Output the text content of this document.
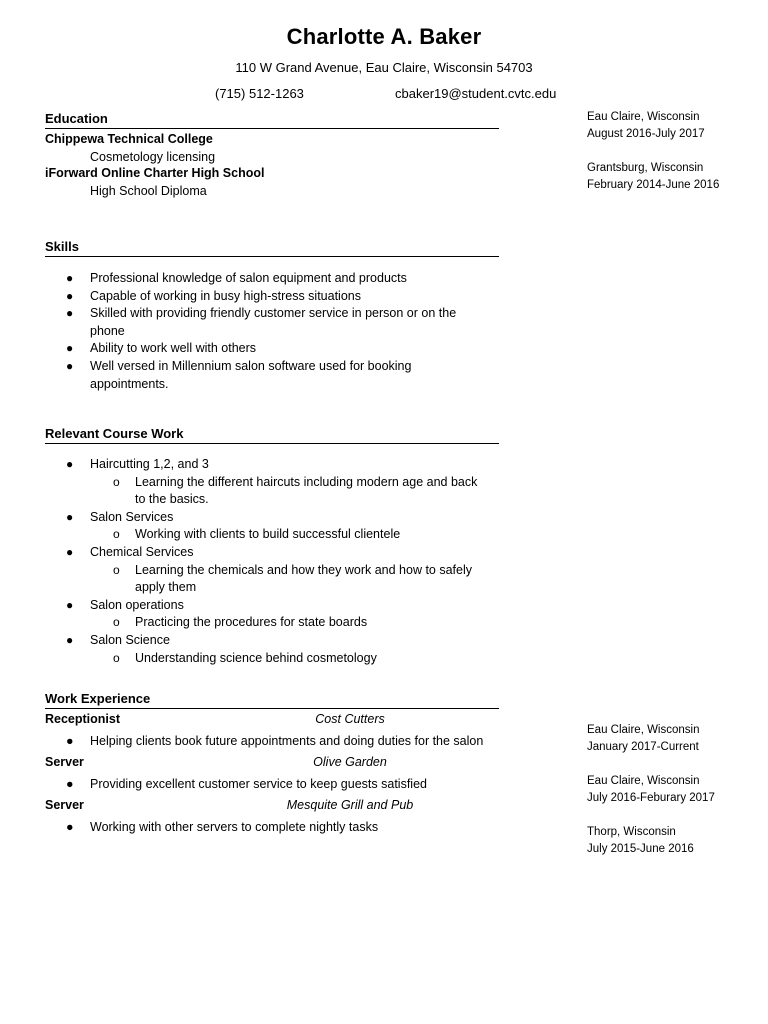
Charlotte A. Baker
110 W Grand Avenue, Eau Claire, Wisconsin 54703
(715) 512-1263	cbaker19@student.cvtc.edu
Education
Chippewa Technical College
Cosmetology licensing
iForward Online Charter High School
High School Diploma
Eau Claire, Wisconsin
August 2016-July 2017
Grantsburg, Wisconsin
February 2014-June 2016
Skills
● Professional knowledge of salon equipment and products
● Capable of working in busy high-stress situations
● Skilled with providing friendly customer service in person or on the phone
● Ability to work well with others
● Well versed in Millennium salon software used for booking appointments.
Relevant Course Work
● Haircutting 1,2, and 3
o Learning the different haircuts including modern age and back to the basics.
● Salon Services
o Working with clients to build successful clientele
● Chemical Services
o Learning the chemicals and how they work and how to safely apply them
● Salon operations
o Practicing the procedures for state boards
● Salon Science
o Understanding science behind cosmetology
Work Experience
Receptionist	Cost Cutters
● Helping clients book future appointments and doing duties for the salon
Server	Olive Garden
● Providing excellent customer service to keep guests satisfied
Server	Mesquite Grill and Pub
● Working with other servers to complete nightly tasks
Eau Claire, Wisconsin
January 2017-Current
Eau Claire, Wisconsin
July 2016-Feburary 2017
Thorp, Wisconsin
July 2015-June 2016
